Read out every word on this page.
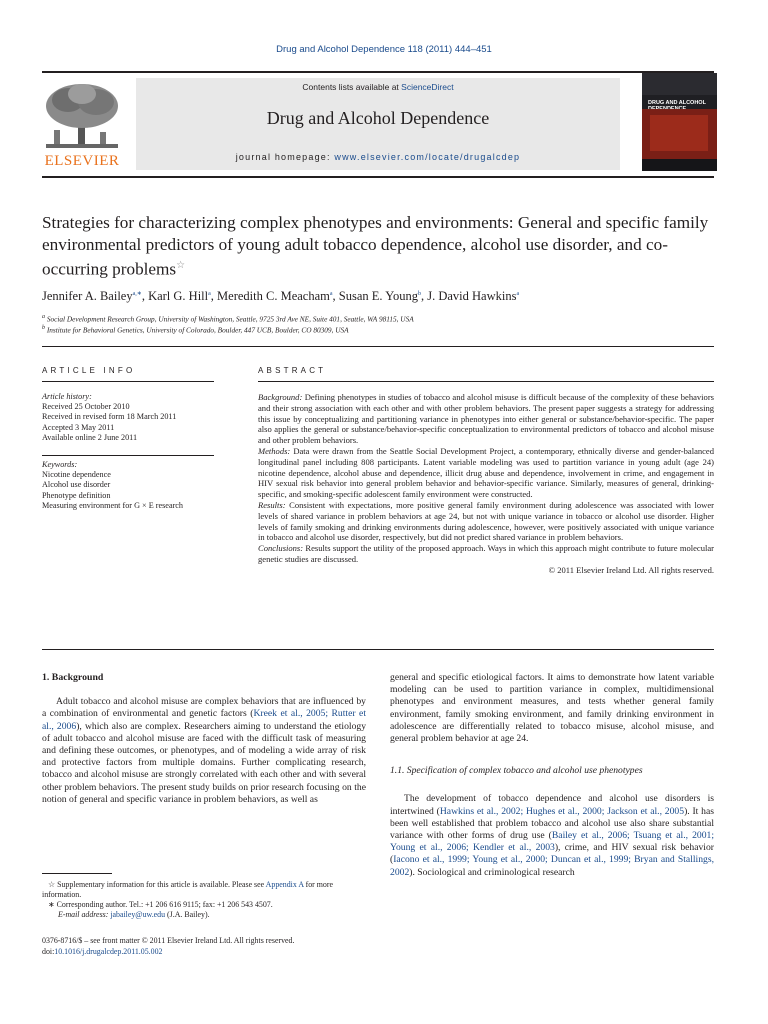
Drug and Alcohol Dependence 118 (2011) 444–451
ELSEVIER
Contents lists available at ScienceDirect
Drug and Alcohol Dependence
journal homepage: www.elsevier.com/locate/drugalcdep
DRUG AND ALCOHOL
Strategies for characterizing complex phenotypes and environments: General and specific family environmental predictors of young adult tobacco dependence, alcohol use disorder, and co-occurring problems☆
Jennifer A. Bailey$^{a,∗}$, Karl G. Hill$^a$, Meredith C. Meacham$^a$, Susan E. Young$^b$, J. David Hawkins$^a$
$^a$ Social Development Research Group, University of Washington, Seattle, 9725 3rd Ave NE, Suite 401, Seattle, WA 98115, USA
$^b$ Institute for Behavioral Genetics, University of Colorado, Boulder, 447 UCB, Boulder, CO 80309, USA
ARTICLE INFO
Article history:
Received 25 October 2010
Received in revised form 18 March 2011
Accepted 3 May 2011
Available online 2 June 2011
Keywords:
Nicotine dependence
Alcohol use disorder
Phenotype definition
Measuring environment for G × E research
ABSTRACT

Background: Defining phenotypes in studies of tobacco and alcohol misuse is difficult because of the complexity of these behaviors and their strong association with each other and with other problem behaviors. The present paper suggests a strategy for addressing this issue by conceptualizing and partitioning variance in phenotypes into either general or substance/behavior-specific. The paper also applies the general or substance/behavior-specific conceptualization to environmental predictors of tobacco and alcohol misuse and other problem behaviors.

Methods: Data were drawn from the Seattle Social Development Project, a contemporary, ethnically diverse and gender-balanced longitudinal panel including 808 participants. Latent variable modeling was used to partition variance in young adult (age 24) nicotine dependence, alcohol abuse and dependence, illicit drug abuse and dependence, involvement in crime, and engagement in HIV sexual risk behavior into general problem behavior and behavior-specific variance. Similarly, measures of general, drinking-specific, and smoking-specific adolescent family environment were constructed.

Results: Consistent with expectations, more positive general family environment during adolescence was associated with lower levels of shared variance in problem behaviors at age 24, but not with unique variance in tobacco or alcohol use disorder. Higher levels of family smoking and drinking environments during adolescence, however, were positively associated with unique variance in tobacco and alcohol use disorder, respectively, but did not predict shared variance in problem behaviors.

Conclusions: Results support the utility of the proposed approach. Ways in which this approach might contribute to future molecular genetic studies are discussed.

© 2011 Elsevier Ireland Ltd. All rights reserved.

1. Background

Adult tobacco and alcohol misuse are complex behaviors that are influenced by a combination of environmental and genetic factors (Kreek et al., 2005; Rutter et al., 2006), which also are complex. Researchers aiming to understand the etiology of adult tobacco and alcohol misuse are faced with the difficult task of measuring and defining these outcomes, or phenotypes, and of modeling a wide array of risk and protective factors from multiple domains. Further complicating research, tobacco and alcohol misuse are strongly correlated with each other and with several other problem behaviors. The present study builds on prior research focusing on the notion of general and specific variance in problem behaviors, as well as

general and specific etiological factors. It aims to demonstrate how latent variable modeling can be used to partition variance in complex, multidimensional phenotypes and environment measures, and tests whether general family environment, family smoking environment, and family drinking environment in adolescence are differentially related to tobacco misuse, alcohol misuse, and general problem behavior at age 24.

1.1. Specification of complex tobacco and alcohol use phenotypes

The development of tobacco dependence and alcohol use disorders is intertwined (Hawkins et al., 2002; Hughes et al., 2000; Jackson et al., 2005). It has been well established that problem tobacco and alcohol use also share substantial variance with other forms of drug use (Bailey et al., 2006; Tsuang et al., 2001; Young et al., 2006; Kendler et al., 2003), crime, and HIV sexual risk behavior (Iacono et al., 1999; Young et al., 2000; Duncan et al., 1999; Bryan and Stallings, 2002). Sociological and criminological research

☆ Supplementary information for this article is available. Please see Appendix A for more information.
∗ Corresponding author. Tel.: +1 206 616 9115; fax: +1 206 543 4507.
E-mail address: jabailey@uw.edu (J.A. Bailey).
0376-8716/$ – see front matter © 2011 Elsevier Ireland Ltd. All rights reserved.
doi:10.1016/j.drugalcdep.2011.05.002
